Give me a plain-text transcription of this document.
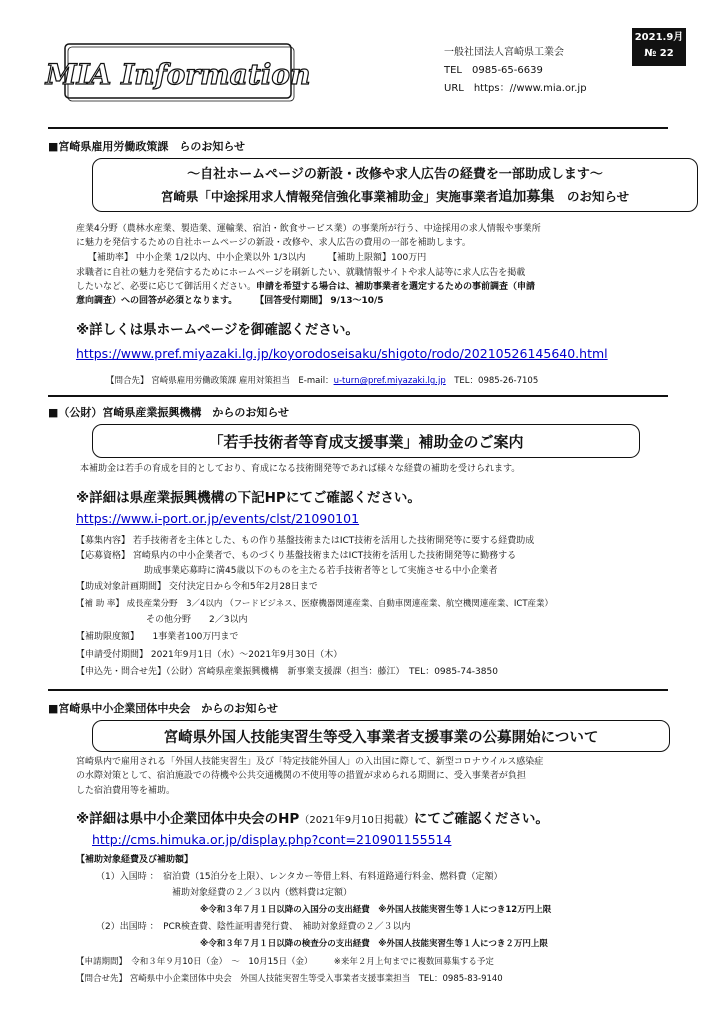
MIA Information
一般社団法人宮崎県工業会
TEL　0985-65-6639
URL　https：//www.mia.or.jp
2021.9月
№ 22
■宮崎県雇用労働政策課　らのお知らせ
～自社ホームページの新設・改修や求人広告の経費を一部助成します～
宮崎県「中途採用求人情報発信強化事業補助金」実施事業者追加募集　 のお知らせ
産業4分野（農林水産業、製造業、運輸業、宿泊・飲食サービス業）の事業所が行う、中途採用の求人情報や事業所
に魅力を発信するための自社ホームページの新設・改修や、求人広告の費用の一部を補助します。
【補助率】 中小企業 1/2以内、中小企業以外 1/3以内　　　【補助上限額】100万円
求職者に自社の魅力を発信するためにホームページを刷新したい、就職情報サイトや求人誌等に求人広告を掲載
したいなど、必要に応じて御活用ください。申請を希望する場合は、補助事業者を選定するための事前調査（申請
意向調査）への回答が必須となります。　　　【回答受付期間】 9/13～10/5
※詳しくは県ホームページを御確認ください。
https://www.pref.miyazaki.lg.jp/koyorodoseisaku/shigoto/rodo/20210526145640.html
【問合先】 宮崎県雇用労働政策課 雇用対策担当　E-mail：u-turn@pref.miyazaki.lg.jp　TEL：0985-26-7105
■（公財）宮崎県産業振興機構　からのお知らせ
「若手技術者等育成支援事業」補助金のご案内
本補助金は若手の育成を目的としており、育成になる技術開発等であれば様々な経費の補助を受けられます。
※詳細は県産業振興機構の下記HPにてご確認ください。
https://www.i-port.or.jp/events/clst/21090101
【募集内容】 若手技術者を主体とした、もの作り基盤技術またはICT技術を活用した技術開発等に要する経費助成
【応募資格】 宮崎県内の中小企業者で、ものづくり基盤技術またはICT技術を活用した技術開発等に勤務する
助成事業応募時に満45歳以下のものを主たる若手技術者等として実施させる中小企業者
【助成対象計画期間】 交付決定日から令和5年2月28日まで
【補 助 率】 成長産業分野　3／4以内 （フードビジネス、医療機器関連産業、自動車関連産業、航空機関連産業、ICT産業）
その他分野　　2／3以内
【補助限度額】　　1事業者100万円まで
【申請受付期間】 2021年9月1日（水）～2021年9月30日（木）
【申込先・問合せ先】（公財）宮崎県産業振興機構　新事業支援課（担当：藤江）　TEL：0985-74-3850
■宮崎県中小企業団体中央会　からのお知らせ
宮崎県外国人技能実習生等受入事業者支援事業の公募開始について
宮崎県内で雇用される「外国人技能実習生」及び「特定技能外国人」の入出国に際して、新型コロナウイルス感染症
の水際対策として、宿泊施設での待機や公共交通機関の不使用等の措置が求められる期間に、受入事業者が負担
した宿泊費用等を補助。
※詳細は県中小企業団体中央会のHP（2021年9月10日掲載）にてご確認ください。
http://cms.himuka.or.jp/display.php?cont=210901155514
【補助対象経費及び補助額】
（1）入国時 ：　宿泊費（15泊分を上限）、レンタカー等借上料、有料道路通行料金、燃料費（定額）
補助対象経費の２／３以内（燃料費は定額）
※令和３年７月１日以降の入国分の支出経費　※外国人技能実習生等１人につき12万円上限
（2）出国時 ：　PCR検査費、陰性証明書発行費、　補助対象経費の２／３以内
※令和３年７月１日以降の検査分の支出経費　※外国人技能実習生等１人につき２万円上限
【申請期間】　令和３年９月10日（金）　～　10月15日（金）　　　※来年２月上旬までに複数回募集する予定
【問合せ先】 宮崎県中小企業団体中央会　外国人技能実習生等受入事業者支援事業担当　TEL：0985-83-9140
